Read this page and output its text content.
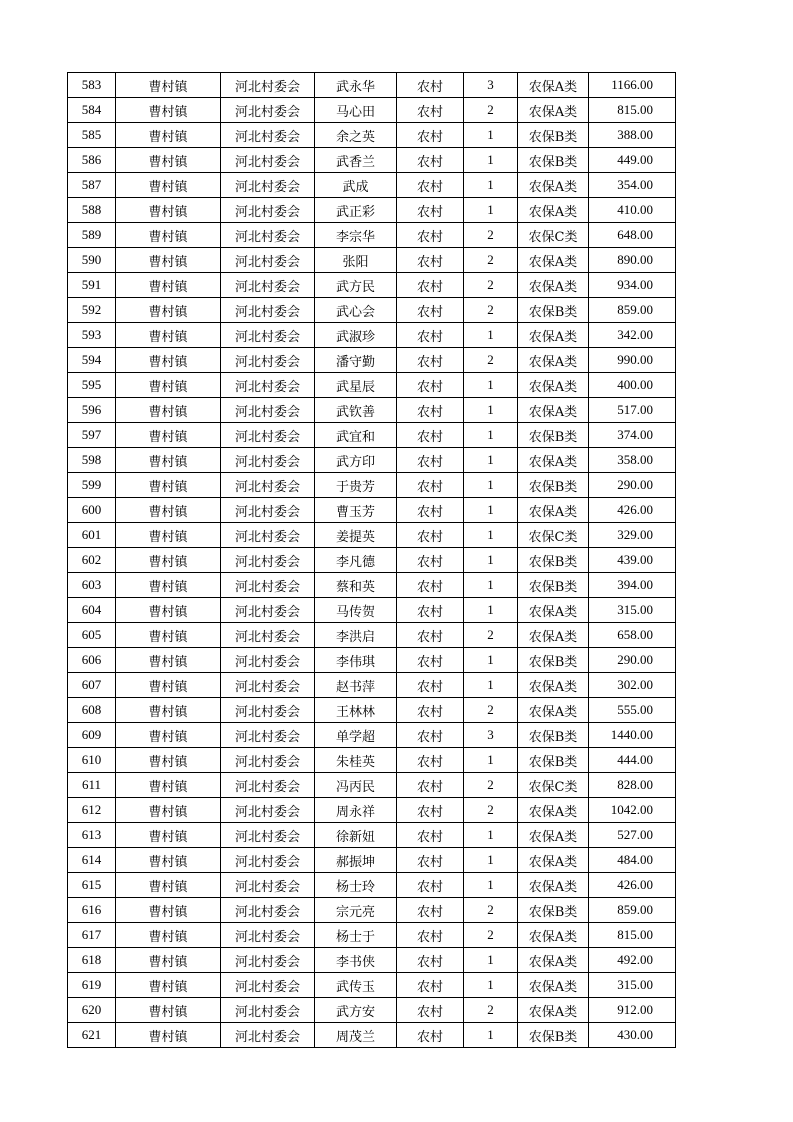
583	曹村镇	河北村委会	武永华	农村	3	农保A类	1166.00
584	曹村镇	河北村委会	马心田	农村	2	农保A类	815.00
585	曹村镇	河北村委会	余之英	农村	1	农保B类	388.00
586	曹村镇	河北村委会	武香兰	农村	1	农保B类	449.00
587	曹村镇	河北村委会	武成	农村	1	农保A类	354.00
588	曹村镇	河北村委会	武正彩	农村	1	农保A类	410.00
589	曹村镇	河北村委会	李宗华	农村	2	农保C类	648.00
590	曹村镇	河北村委会	张阳	农村	2	农保A类	890.00
591	曹村镇	河北村委会	武方民	农村	2	农保A类	934.00
592	曹村镇	河北村委会	武心会	农村	2	农保B类	859.00
593	曹村镇	河北村委会	武淑珍	农村	1	农保A类	342.00
594	曹村镇	河北村委会	潘守勤	农村	2	农保A类	990.00
595	曹村镇	河北村委会	武星辰	农村	1	农保A类	400.00
596	曹村镇	河北村委会	武钦善	农村	1	农保A类	517.00
597	曹村镇	河北村委会	武宜和	农村	1	农保B类	374.00
598	曹村镇	河北村委会	武方印	农村	1	农保A类	358.00
599	曹村镇	河北村委会	于贵芳	农村	1	农保B类	290.00
600	曹村镇	河北村委会	曹玉芳	农村	1	农保A类	426.00
601	曹村镇	河北村委会	姜提英	农村	1	农保C类	329.00
602	曹村镇	河北村委会	李凡德	农村	1	农保B类	439.00
603	曹村镇	河北村委会	蔡和英	农村	1	农保B类	394.00
604	曹村镇	河北村委会	马传贺	农村	1	农保A类	315.00
605	曹村镇	河北村委会	李洪启	农村	2	农保A类	658.00
606	曹村镇	河北村委会	李伟琪	农村	1	农保B类	290.00
607	曹村镇	河北村委会	赵书萍	农村	1	农保A类	302.00
608	曹村镇	河北村委会	王林林	农村	2	农保A类	555.00
609	曹村镇	河北村委会	单学超	农村	3	农保B类	1440.00
610	曹村镇	河北村委会	朱桂英	农村	1	农保B类	444.00
611	曹村镇	河北村委会	冯丙民	农村	2	农保C类	828.00
612	曹村镇	河北村委会	周永祥	农村	2	农保A类	1042.00
613	曹村镇	河北村委会	徐新妞	农村	1	农保A类	527.00
614	曹村镇	河北村委会	郝振坤	农村	1	农保A类	484.00
615	曹村镇	河北村委会	杨士玲	农村	1	农保A类	426.00
616	曹村镇	河北村委会	宗元亮	农村	2	农保B类	859.00
617	曹村镇	河北村委会	杨士于	农村	2	农保A类	815.00
618	曹村镇	河北村委会	李书侠	农村	1	农保A类	492.00
619	曹村镇	河北村委会	武传玉	农村	1	农保A类	315.00
620	曹村镇	河北村委会	武方安	农村	2	农保A类	912.00
621	曹村镇	河北村委会	周茂兰	农村	1	农保B类	430.00
